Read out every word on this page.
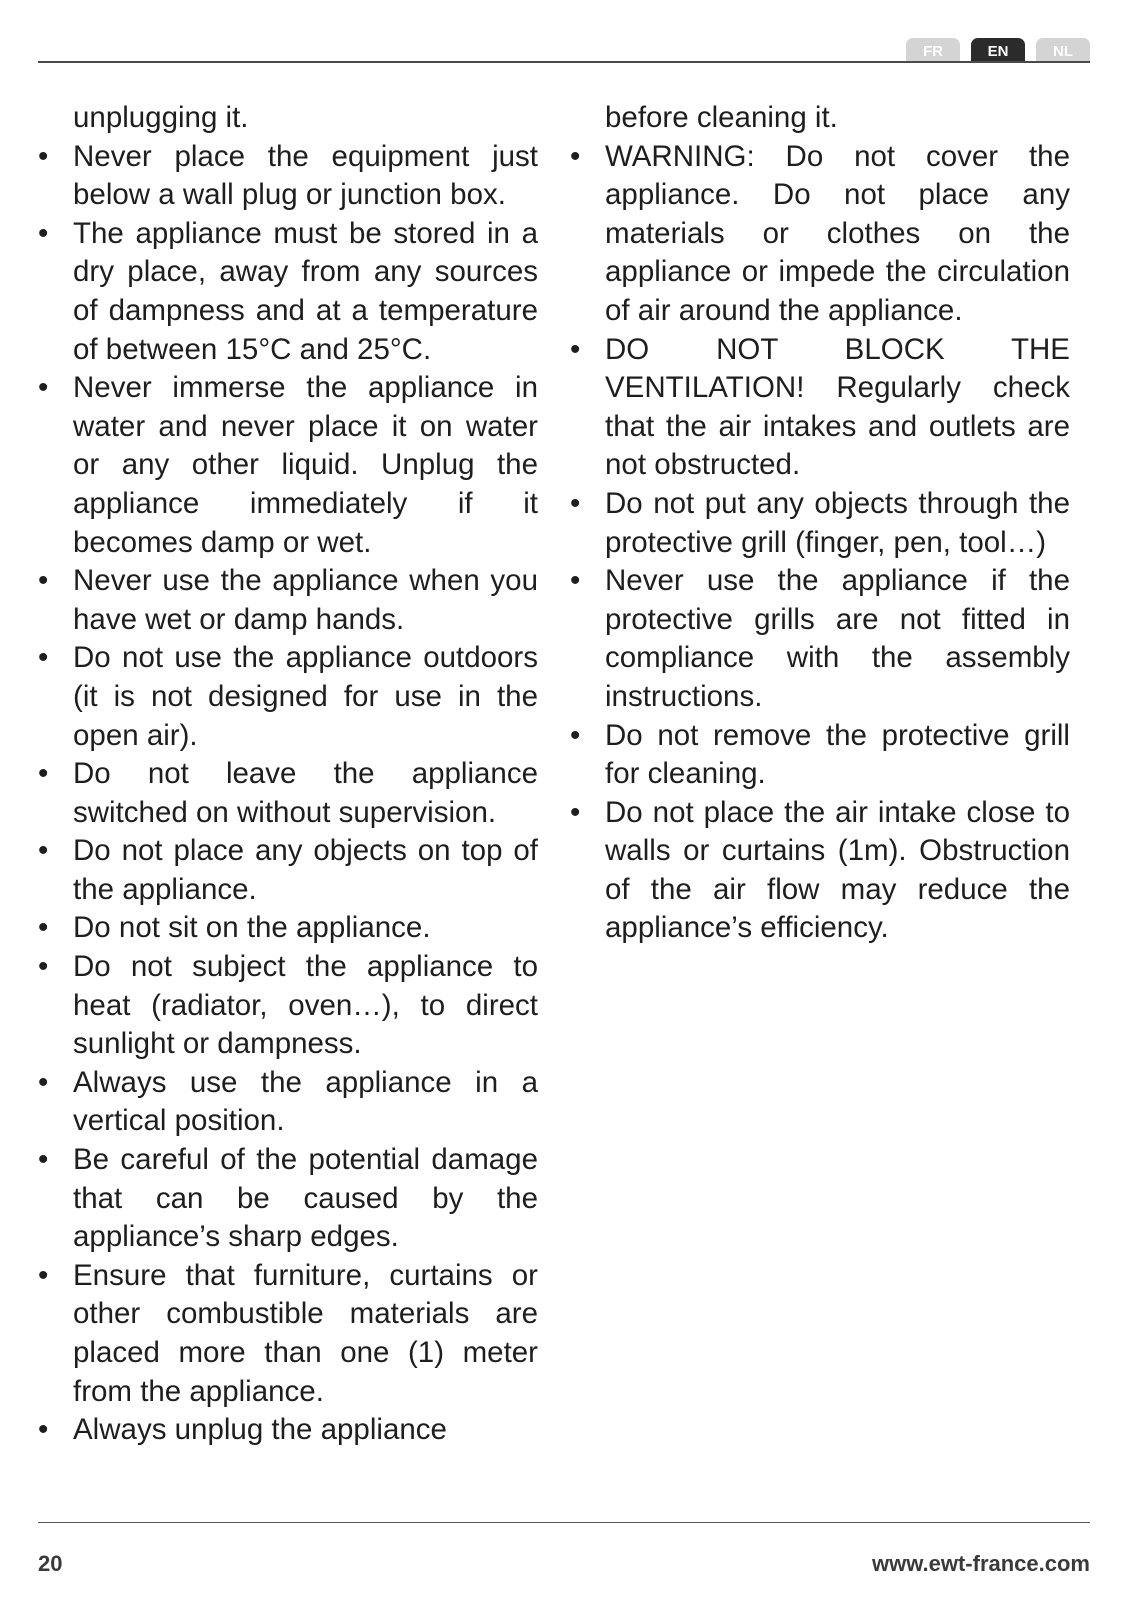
FR	EN	NL

unplugging it.

• Never place the equipment just below a wall plug or junction box.
• The appliance must be stored in a dry place, away from any sources of dampness and at a temperature of between 15°C and 25°C.
• Never immerse the appliance in water and never place it on water or any other liquid. Unplug the appliance immediately if it becomes damp or wet.
• Never use the appliance when you have wet or damp hands.
• Do not use the appliance outdoors (it is not designed for use in the open air).
• Do not leave the appliance switched on without supervision.
• Do not place any objects on top of the appliance.
• Do not sit on the appliance.
• Do not subject the appliance to heat (radiator, oven…), to direct sunlight or dampness.
• Always use the appliance in a vertical position.
• Be careful of the potential damage that can be caused by the appliance’s sharp edges.
• Ensure that furniture, curtains or other combustible materials are placed more than one (1) meter from the appliance.
• Always unplug the appliance

before cleaning it.

• WARNING: Do not cover the appliance. Do not place any materials or clothes on the appliance or impede the circulation of air around the appliance.
• DO NOT BLOCK THE VENTILATION! Regularly check that the air intakes and outlets are not obstructed.
• Do not put any objects through the protective grill (finger, pen, tool…)
• Never use the appliance if the protective grills are not fitted in compliance with the assembly instructions.
• Do not remove the protective grill for cleaning.
• Do not place the air intake close to walls or curtains (1m). Obstruction of the air flow may reduce the appliance’s efficiency.
20	www.ewt-france.com
